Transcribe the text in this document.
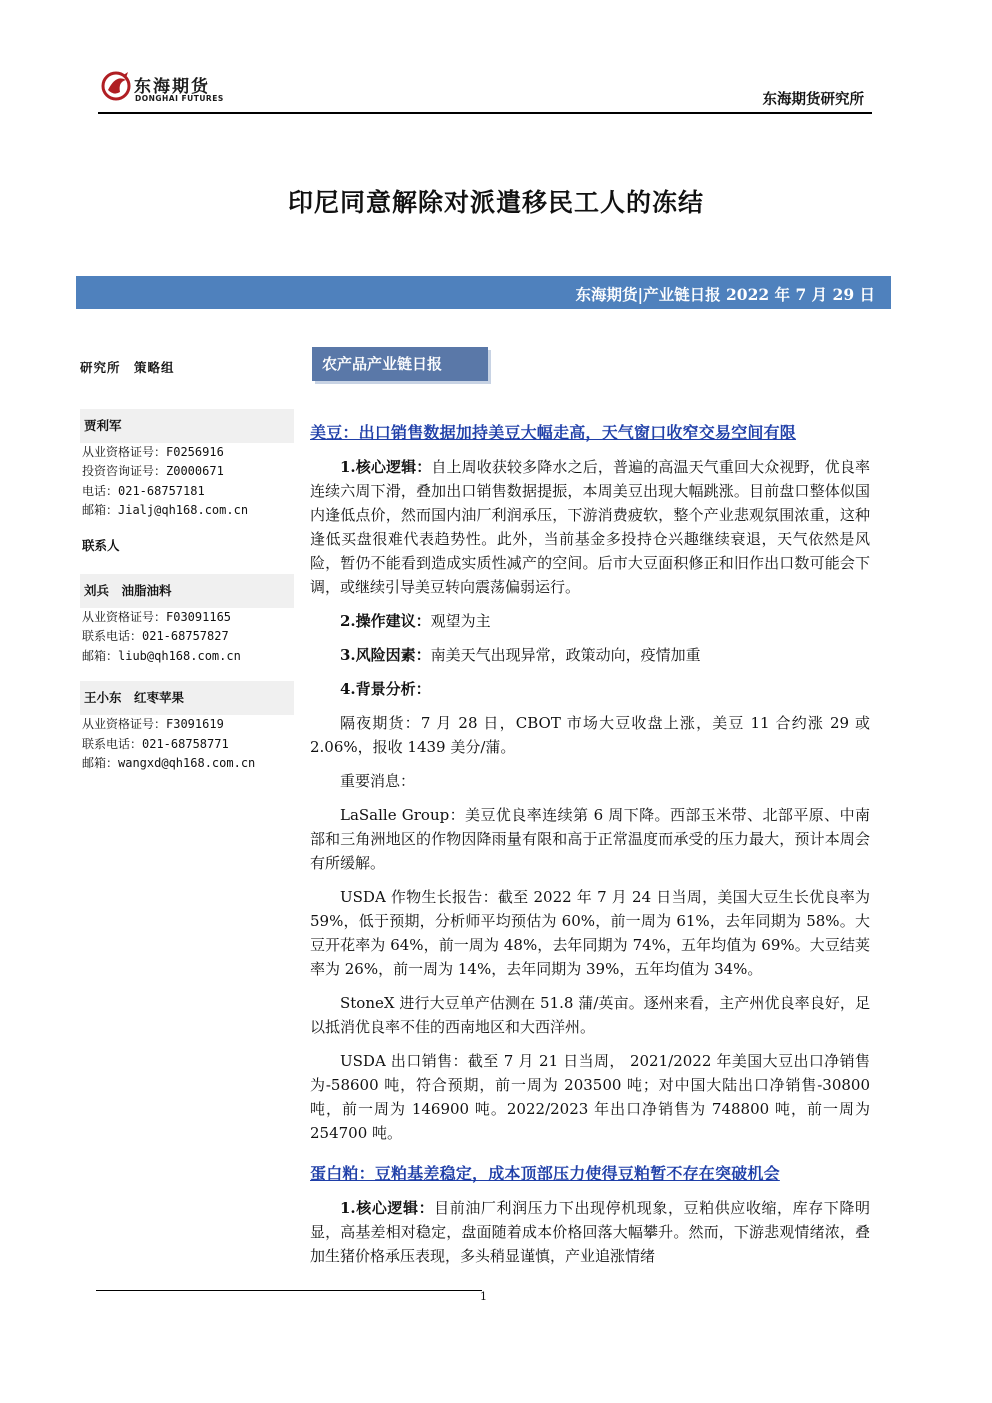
东海期货
DONGHAI FUTURES	东海期货研究所
印尼同意解除对派遣移民工人的冻结
东海期货|产业链日报 2022 年 7 月 29 日
研究所　策略组
贾利军
从业资格证号：F0256916
投资咨询证号：Z0000671
电话：021-68757181
邮箱：Jialj@qh168.com.cn
联系人
刘兵　油脂油料
从业资格证号：F03091165
联系电话：021-68757827
邮箱：liub@qh168.com.cn
王小东　红枣苹果
从业资格证号：F3091619
联系电话：021-68758771
邮箱：wangxd@qh168.com.cn
农产品产业链日报
美豆：出口销售数据加持美豆大幅走高，天气窗口收窄交易空间有限

1.核心逻辑：自上周收获较多降水之后，普遍的高温天气重回大众视野，优良率连续六周下滑，叠加出口销售数据提振，本周美豆出现大幅跳涨。目前盘口整体似国内逢低点价，然而国内油厂利润承压，下游消费疲软，整个产业悲观氛围浓重，这种逢低买盘很难代表趋势性。此外，当前基金多投持仓兴趣继续衰退，天气依然是风险，暂仍不能看到造成实质性减产的空间。后市大豆面积修正和旧作出口数可能会下调，或继续引导美豆转向震荡偏弱运行。

2.操作建议：观望为主

3.风险因素：南美天气出现异常，政策动向，疫情加重

4.背景分析：

隔夜期货：7 月 28 日，CBOT 市场大豆收盘上涨，美豆 11 合约涨 29 或 2.06%，报收 1439 美分/蒲。

重要消息：

LaSalle Group：美豆优良率连续第 6 周下降。西部玉米带、北部平原、中南部和三角洲地区的作物因降雨量有限和高于正常温度而承受的压力最大，预计本周会有所缓解。

USDA 作物生长报告：截至 2022 年 7 月 24 日当周，美国大豆生长优良率为 59%，低于预期，分析师平均预估为 60%，前一周为 61%，去年同期为 58%。大豆开花率为 64%，前一周为 48%，去年同期为 74%，五年均值为 69%。大豆结荚率为 26%，前一周为 14%，去年同期为 39%，五年均值为 34%。

StoneX 进行大豆单产估测在 51.8 蒲/英亩。逐州来看，主产州优良率良好，足以抵消优良率不佳的西南地区和大西洋州。

USDA 出口销售：截至 7 月 21 日当周， 2021/2022 年美国大豆出口净销售为-58600 吨，符合预期，前一周为 203500 吨；对中国大陆出口净销售-30800 吨，前一周为 146900 吨。2022/2023 年出口净销售为 748800 吨，前一周为 254700 吨。

蛋白粕：豆粕基差稳定，成本顶部压力使得豆粕暂不存在突破机会

1.核心逻辑：目前油厂利润压力下出现停机现象，豆粕供应收缩，库存下降明显，高基差相对稳定，盘面随着成本价格回落大幅攀升。然而，下游悲观情绪浓，叠加生猪价格承压表现，多头稍显谨慎，产业追涨情绪

1
